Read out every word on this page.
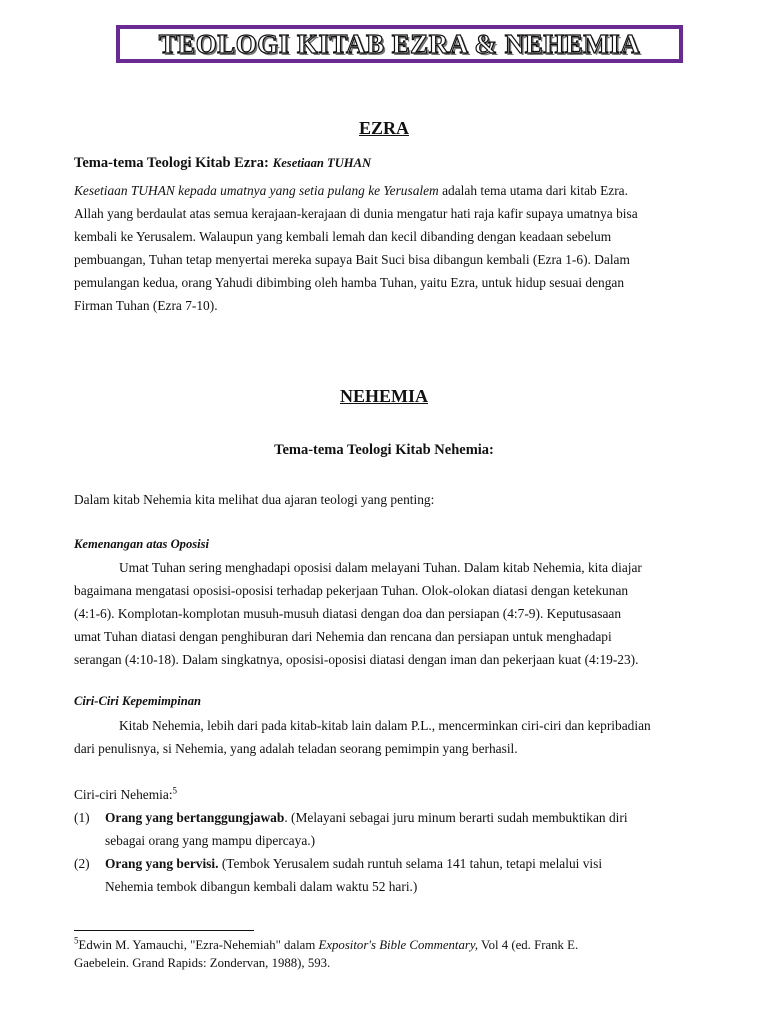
TEOLOGI KITAB EZRA & NEHEMIA
EZRA
Tema-tema Teologi Kitab Ezra: Kesetiaan TUHAN

Kesetiaan TUHAN kepada umatnya yang setia pulang ke Yerusalem adalah tema utama dari kitab Ezra.

Allah yang berdaulat atas semua kerajaan-kerajaan di dunia mengatur hati raja kafir supaya umatnya bisa

kembali ke Yerusalem. Walaupun yang kembali lemah dan kecil dibanding dengan keadaan sebelum

pembuangan, Tuhan tetap menyertai mereka supaya Bait Suci bisa dibangun kembali (Ezra 1-6). Dalam

pemulangan kedua, orang Yahudi dibimbing oleh hamba Tuhan, yaitu Ezra, untuk hidup sesuai dengan

Firman Tuhan (Ezra 7-10).

NEHEMIA
Tema-tema Teologi Kitab Nehemia:
Dalam kitab Nehemia kita melihat dua ajaran teologi yang penting:
Kemenangan atas Oposisi

Umat Tuhan sering menghadapi oposisi dalam melayani Tuhan. Dalam kitab Nehemia, kita diajar

bagaimana mengatasi oposisi-oposisi terhadap pekerjaan Tuhan. Olok-olokan diatasi dengan ketekunan

(4:1-6). Komplotan-komplotan musuh-musuh diatasi dengan doa dan persiapan (4:7-9). Keputusasaan

umat Tuhan diatasi dengan penghiburan dari Nehemia dan rencana dan persiapan untuk menghadapi

serangan (4:10-18). Dalam singkatnya, oposisi-oposisi diatasi dengan iman dan pekerjaan kuat (4:19-23).

Ciri-Ciri Kepemimpinan

Kitab Nehemia, lebih dari pada kitab-kitab lain dalam P.L., mencerminkan ciri-ciri dan kepribadian

dari penulisnya, si Nehemia, yang adalah teladan seorang pemimpin yang berhasil.

Ciri-ciri Nehemia:$^5$
(1) Orang yang bertanggungjawab. (Melayani sebagai juru minum berarti sudah membuktikan diri
sebagai orang yang mampu dipercaya.)
(2) Orang yang bervisi. (Tembok Yerusalem sudah runtuh selama 141 tahun, tetapi melalui visi
Nehemia tembok dibangun kembali dalam waktu 52 hari.)

$^5$Edwin M. Yamauchi, "Ezra-Nehemiah" dalam Expositor's Bible Commentary, Vol 4 (ed. Frank E.

Gaebelein. Grand Rapids: Zondervan, 1988), 593.
